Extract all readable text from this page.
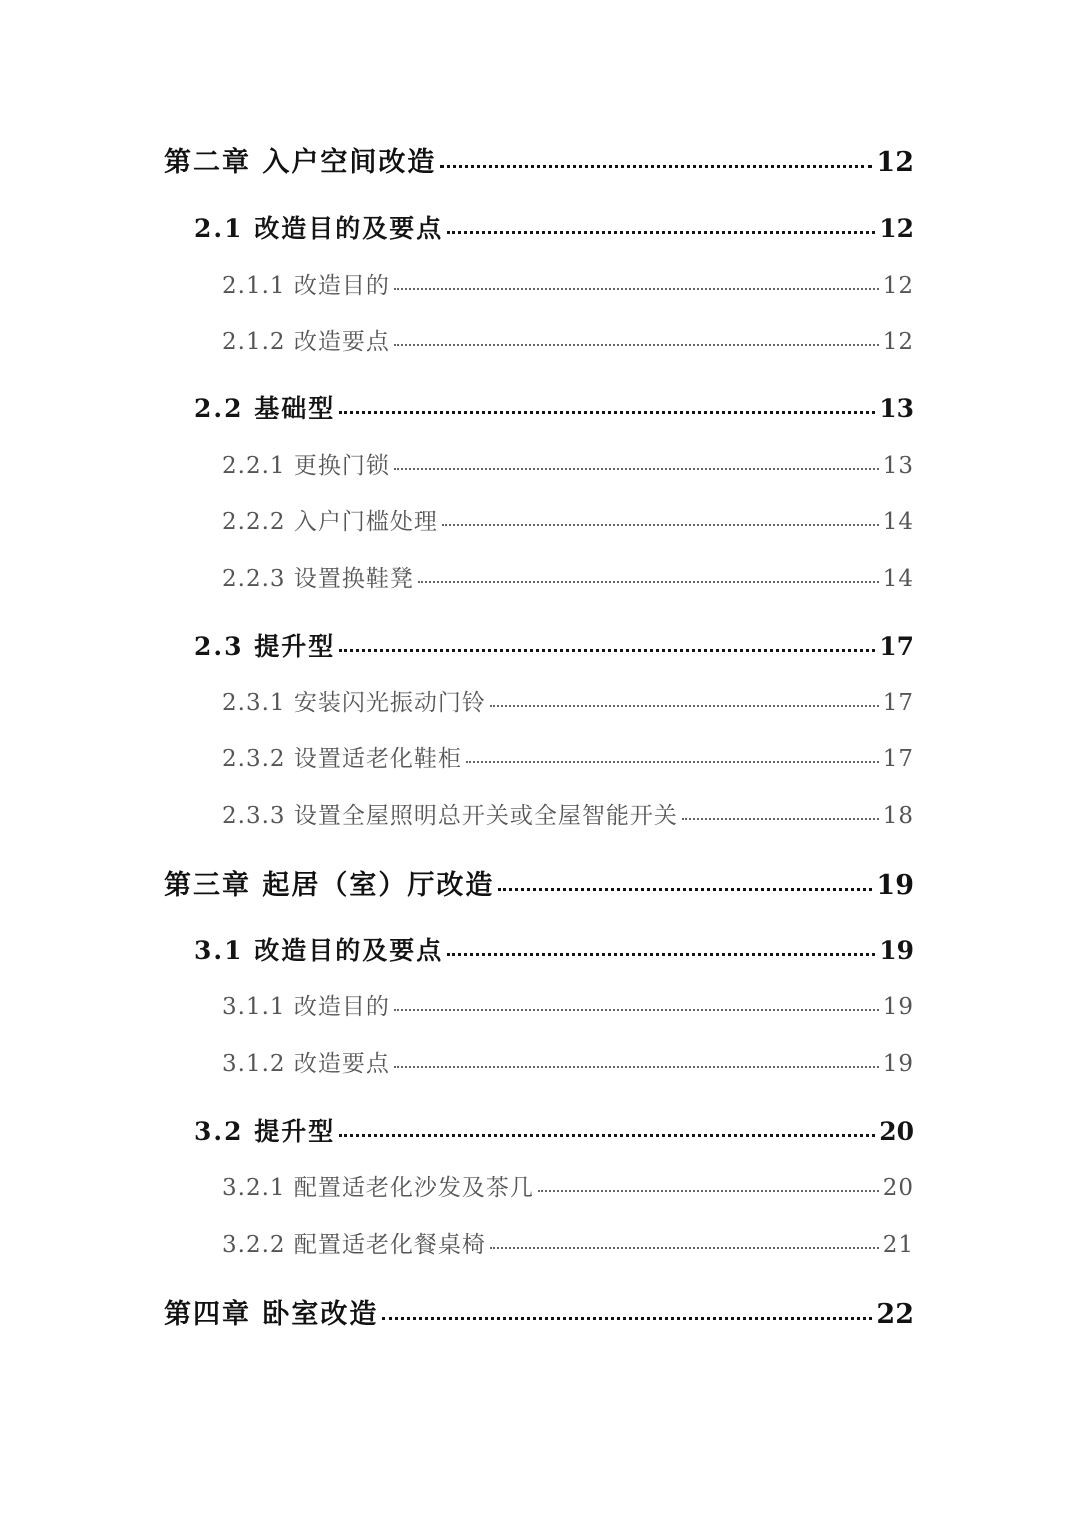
第二章 入户空间改造	12
2.1 改造目的及要点	12
2.1.1 改造目的	12
2.1.2 改造要点	12
2.2 基础型	13
2.2.1 更换门锁	13
2.2.2 入户门槛处理	14
2.2.3 设置换鞋凳	14
2.3 提升型	17
2.3.1 安装闪光振动门铃	17
2.3.2 设置适老化鞋柜	17
2.3.3 设置全屋照明总开关或全屋智能开关	18
第三章 起居（室）厅改造	19
3.1 改造目的及要点	19
3.1.1 改造目的	19
3.1.2 改造要点	19
3.2 提升型	20
3.2.1 配置适老化沙发及茶几	20
3.2.2 配置适老化餐桌椅	21
第四章 卧室改造	22
